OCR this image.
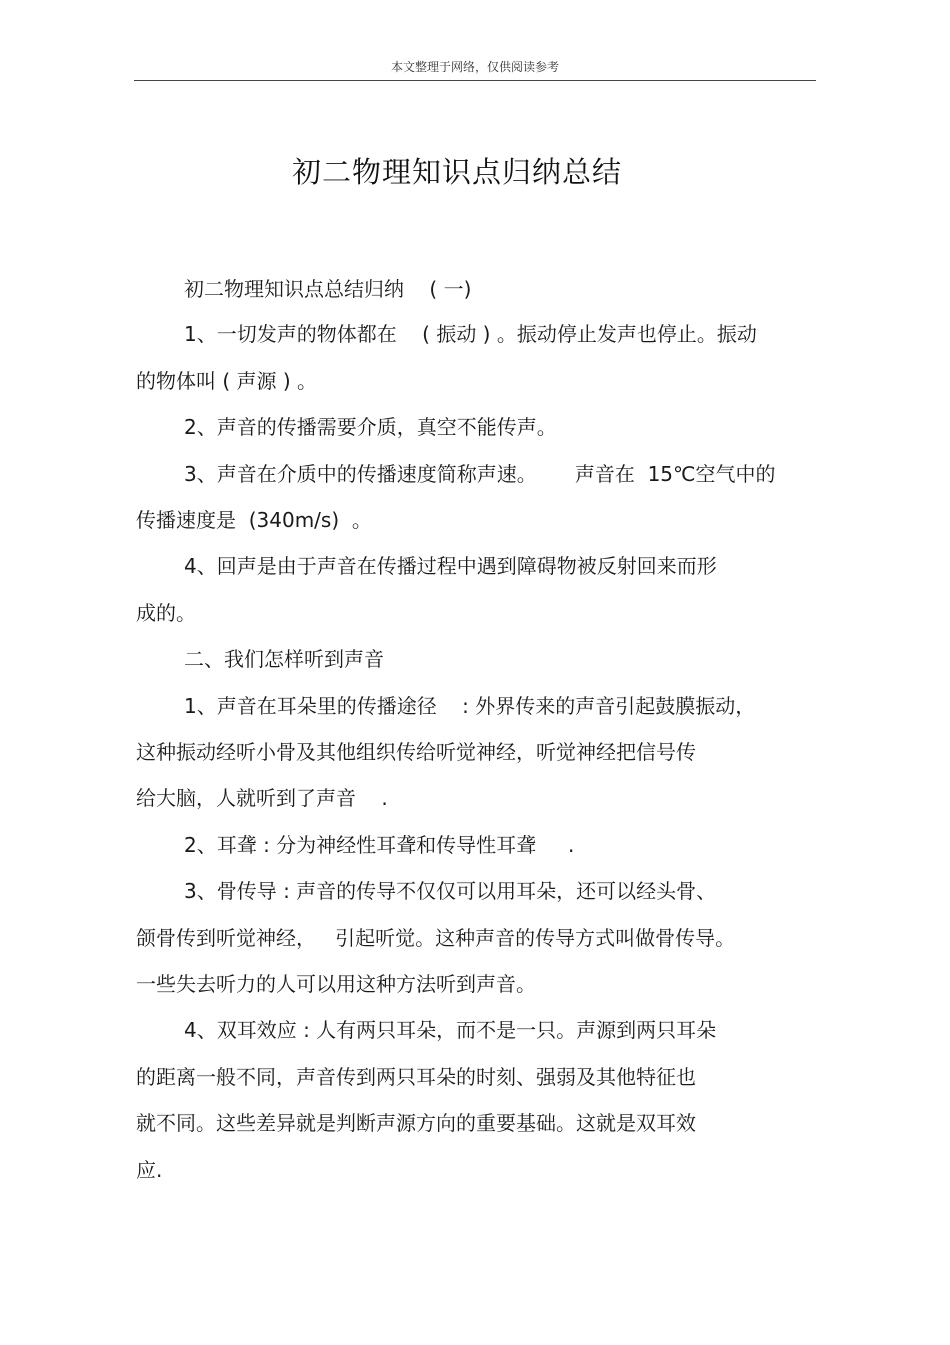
本文整理于网络，仅供阅读参考
初二物理知识点归纳总结
初二物理知识点总结归纳    ( 一)
1、一切发声的物体都在    ( 振动 ) 。振动停止发声也停止。振动
的物体叫 ( 声源 ) 。
2、声音的传播需要介质，真空不能传声。
3、声音在介质中的传播速度简称声速。      声音在  15℃空气中的
传播速度是  (340m/s)  。
4、回声是由于声音在传播过程中遇到障碍物被反射回来而形
成的。
二、我们怎样听到声音
1、声音在耳朵里的传播途径    : 外界传来的声音引起鼓膜振动，
这种振动经听小骨及其他组织传给听觉神经，听觉神经把信号传
给大脑，人就听到了声音    .
2、耳聋 : 分为神经性耳聋和传导性耳聋     .
3、骨传导 : 声音的传导不仅仅可以用耳朵，还可以经头骨、
颌骨传到听觉神经，   引起听觉。这种声音的传导方式叫做骨传导。
一些失去听力的人可以用这种方法听到声音。
4、双耳效应 : 人有两只耳朵，而不是一只。声源到两只耳朵
的距离一般不同，声音传到两只耳朵的时刻、强弱及其他特征也
就不同。这些差异就是判断声源方向的重要基础。这就是双耳效
应.
